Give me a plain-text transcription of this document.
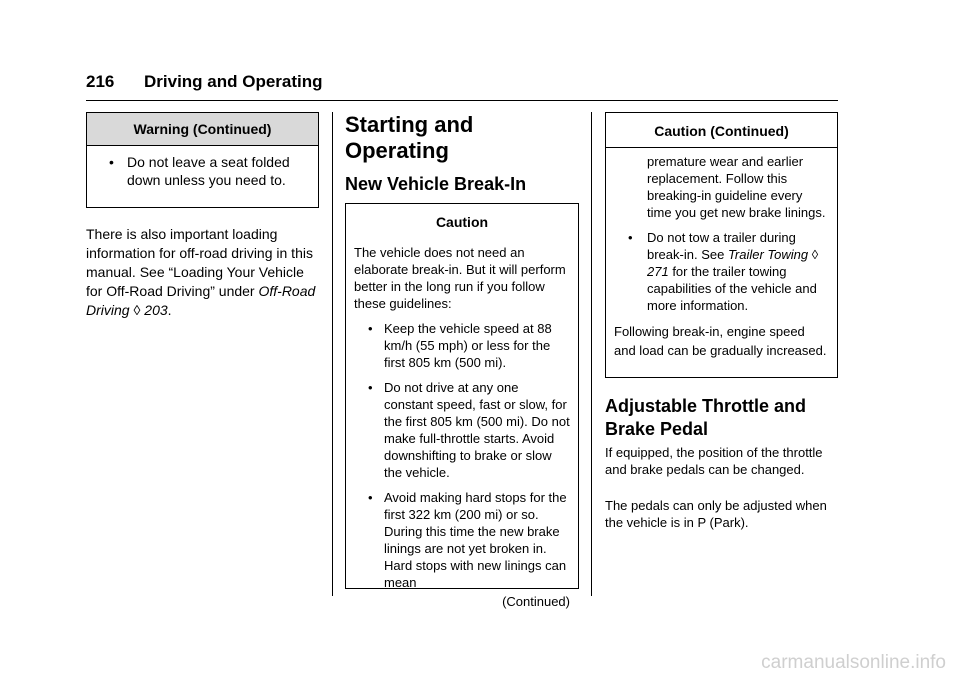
216 Driving and Operating
Warning (Continued)
• Do not leave a seat folded down unless you need to.
There is also important loading information for off-road driving in this manual. See “Loading Your Vehicle for Off-Road Driving” under Off-Road Driving ◊ 203.
Starting and Operating
New Vehicle Break-In
Caution
The vehicle does not need an elaborate break-in. But it will perform better in the long run if you follow these guidelines:
• Keep the vehicle speed at 88 km/h (55 mph) or less for the first 805 km (500 mi).
• Do not drive at any one constant speed, fast or slow, for the first 805 km (500 mi). Do not make full-throttle starts. Avoid downshifting to brake or slow the vehicle.
• Avoid making hard stops for the first 322 km (200 mi) or so. During this time the new brake linings are not yet broken in. Hard stops with new linings can mean
(Continued)
Caution (Continued)
premature wear and earlier replacement. Follow this breaking-in guideline every time you get new brake linings.
• Do not tow a trailer during break-in. See Trailer Towing ◊ 271 for the trailer towing capabilities of the vehicle and more information.
Following break-in, engine speed and load can be gradually increased.
Adjustable Throttle and Brake Pedal
If equipped, the position of the throttle and brake pedals can be changed.
The pedals can only be adjusted when the vehicle is in P (Park).
carmanualsonline.info
